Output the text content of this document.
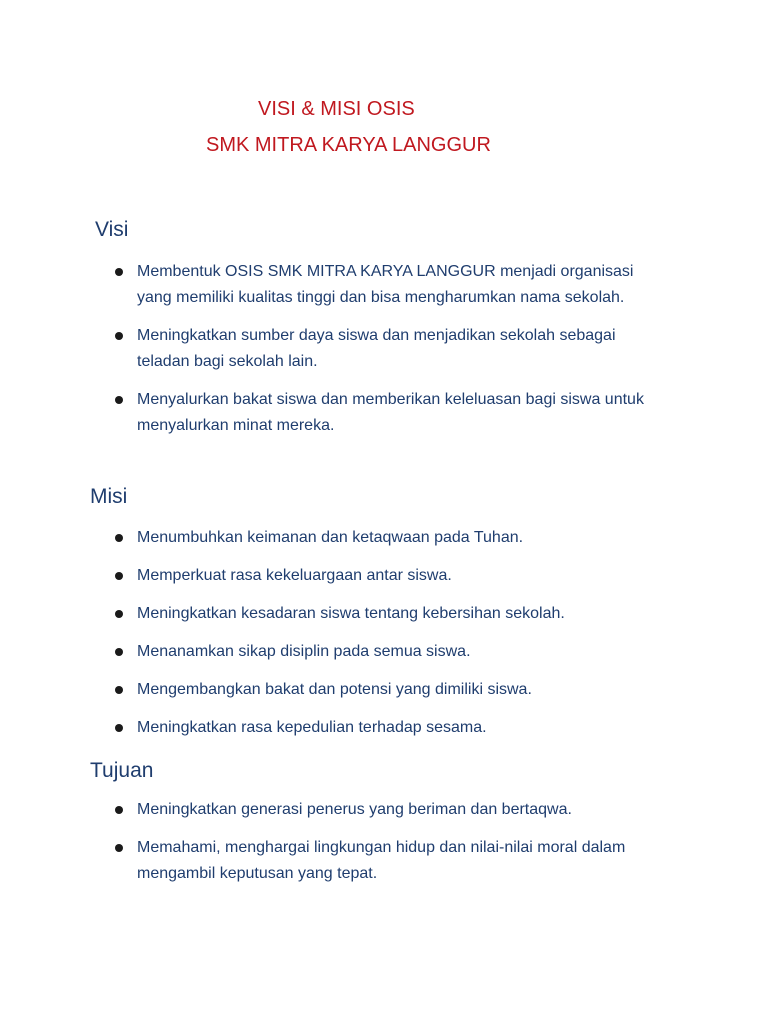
VISI & MISI OSIS
SMK MITRA KARYA LANGGUR
Visi
Membentuk OSIS SMK MITRA KARYA LANGGUR menjadi organisasi yang memiliki kualitas tinggi dan bisa mengharumkan nama sekolah.
Meningkatkan sumber daya siswa dan menjadikan sekolah sebagai teladan bagi sekolah lain.
Menyalurkan bakat siswa dan memberikan keleluasan bagi siswa untuk menyalurkan minat mereka.
Misi
Menumbuhkan keimanan dan ketaqwaan pada Tuhan.
Memperkuat rasa kekeluargaan antar siswa.
Meningkatkan kesadaran siswa tentang kebersihan sekolah.
Menanamkan sikap disiplin pada semua siswa.
Mengembangkan bakat dan potensi yang dimiliki siswa.
Meningkatkan rasa kepedulian terhadap sesama.
Tujuan
Meningkatkan generasi penerus yang beriman dan bertaqwa.
Memahami, menghargai lingkungan hidup dan nilai-nilai moral dalam mengambil keputusan yang tepat.
